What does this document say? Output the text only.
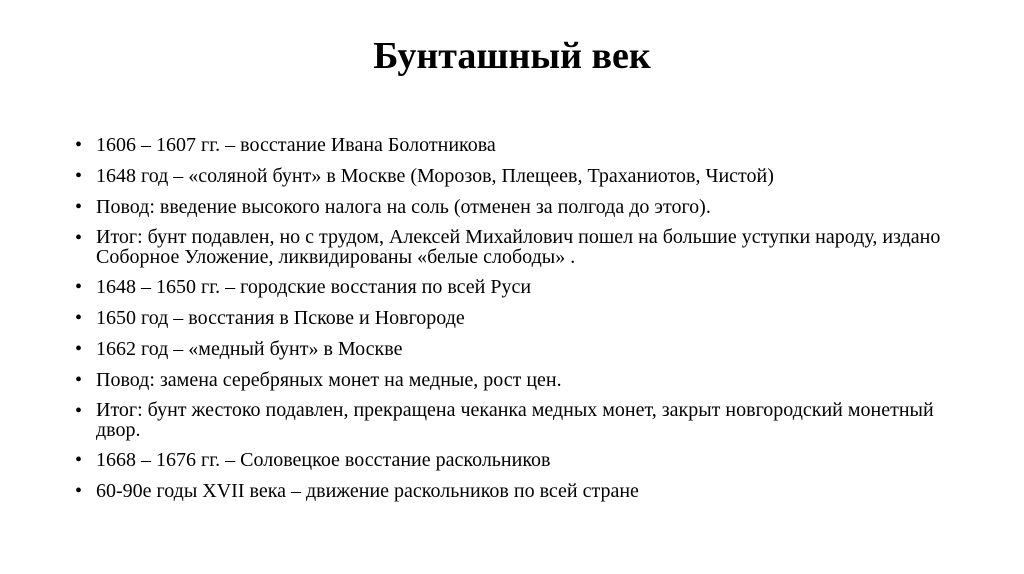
Бунташный век
• 1606 – 1607 гг. – восстание Ивана Болотникова
• 1648 год – «соляной бунт» в Москве (Морозов, Плещеев, Траханиотов, Чистой)
• Повод: введение высокого налога на соль (отменен за полгода до этого).
• Итог: бунт подавлен, но с трудом, Алексей Михайлович пошел на большие уступки народу, издано Соборное Уложение, ликвидированы «белые слободы» .
• 1648 – 1650 гг. – городские восстания по всей Руси
• 1650 год – восстания в Пскове и Новгороде
• 1662 год – «медный бунт» в Москве
• Повод: замена серебряных монет на медные, рост цен.
• Итог: бунт жестоко подавлен, прекращена чеканка медных монет, закрыт новгородский монетный двор.
• 1668 – 1676 гг. – Соловецкое восстание раскольников
• 60-90е годы XVII века – движение раскольников по всей стране
